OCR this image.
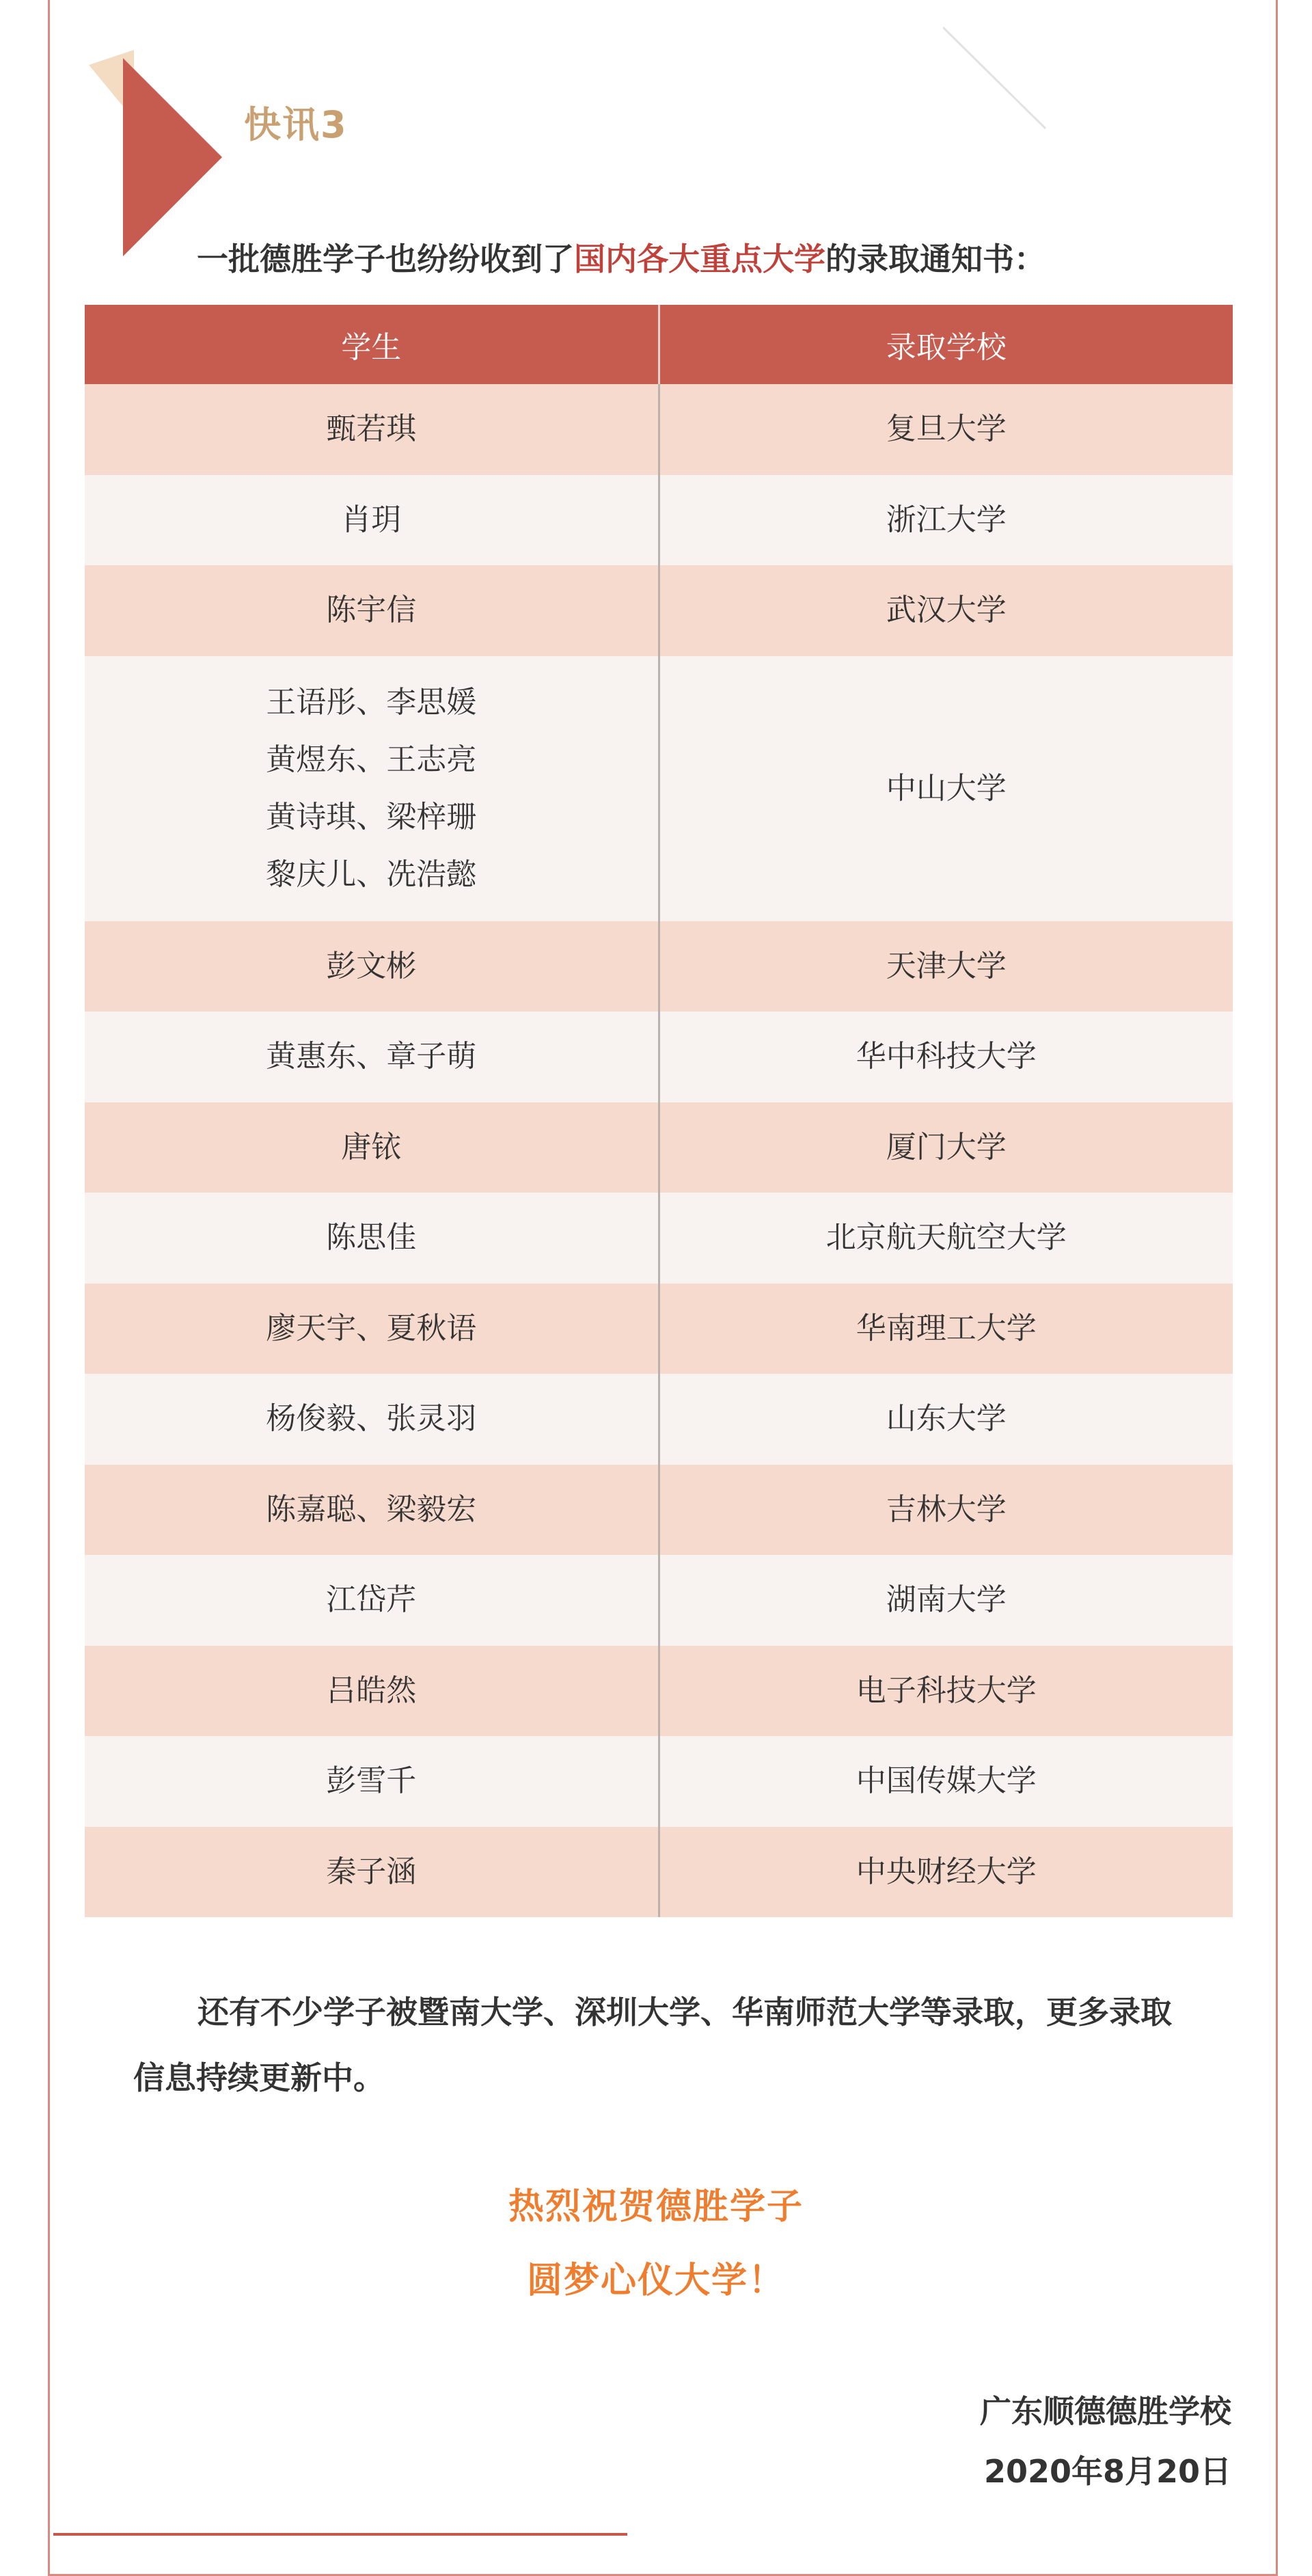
快讯3
一批德胜学子也纷纷收到了国内各大重点大学的录取通知书：
学生	录取学校

甄若琪	复旦大学

肖玥	浙江大学

陈宇信	武汉大学

王语彤、李思媛
黄煜东、王志亮
黄诗琪、梁梓珊
黎庆儿、冼浩懿	中山大学

彭文彬	天津大学

黄惠东、章子萌	华中科技大学

唐铱	厦门大学

陈思佳	北京航天航空大学

廖天宇、夏秋语	华南理工大学

杨俊毅、张灵羽	山东大学

陈嘉聪、梁毅宏	吉林大学

江岱芹	湖南大学

吕皓然	电子科技大学

彭雪千	中国传媒大学

秦子涵	中央财经大学
还有不少学子被暨南大学、深圳大学、华南师范大学等录取，更多录取信息持续更新中。
热烈祝贺德胜学子
圆梦心仪大学！
广东顺德德胜学校
2020年8月20日
